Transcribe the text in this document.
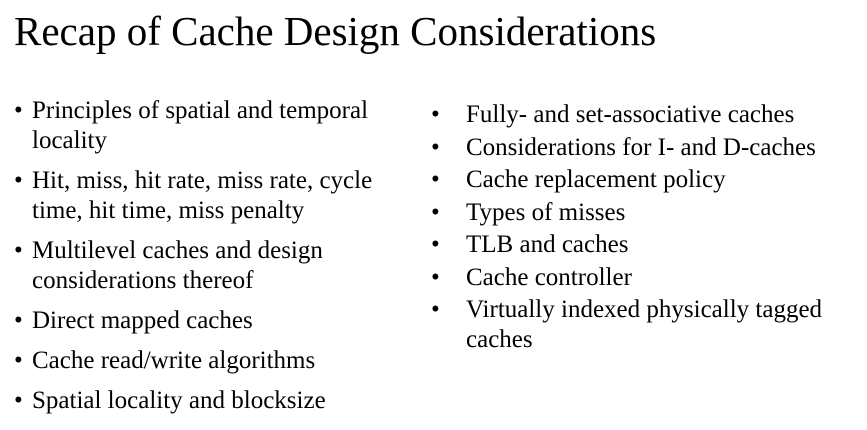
Recap of Cache Design Considerations
• Principles of spatial and temporal locality
• Hit, miss, hit rate, miss rate, cycle time, hit time, miss penalty
• Multilevel caches and design considerations thereof
• Direct mapped caches
• Cache read/write algorithms
• Spatial locality and blocksize
• Fully- and set-associative caches
• Considerations for I- and D-caches
• Cache replacement policy
• Types of misses
• TLB and caches
• Cache controller
• Virtually indexed physically tagged caches
